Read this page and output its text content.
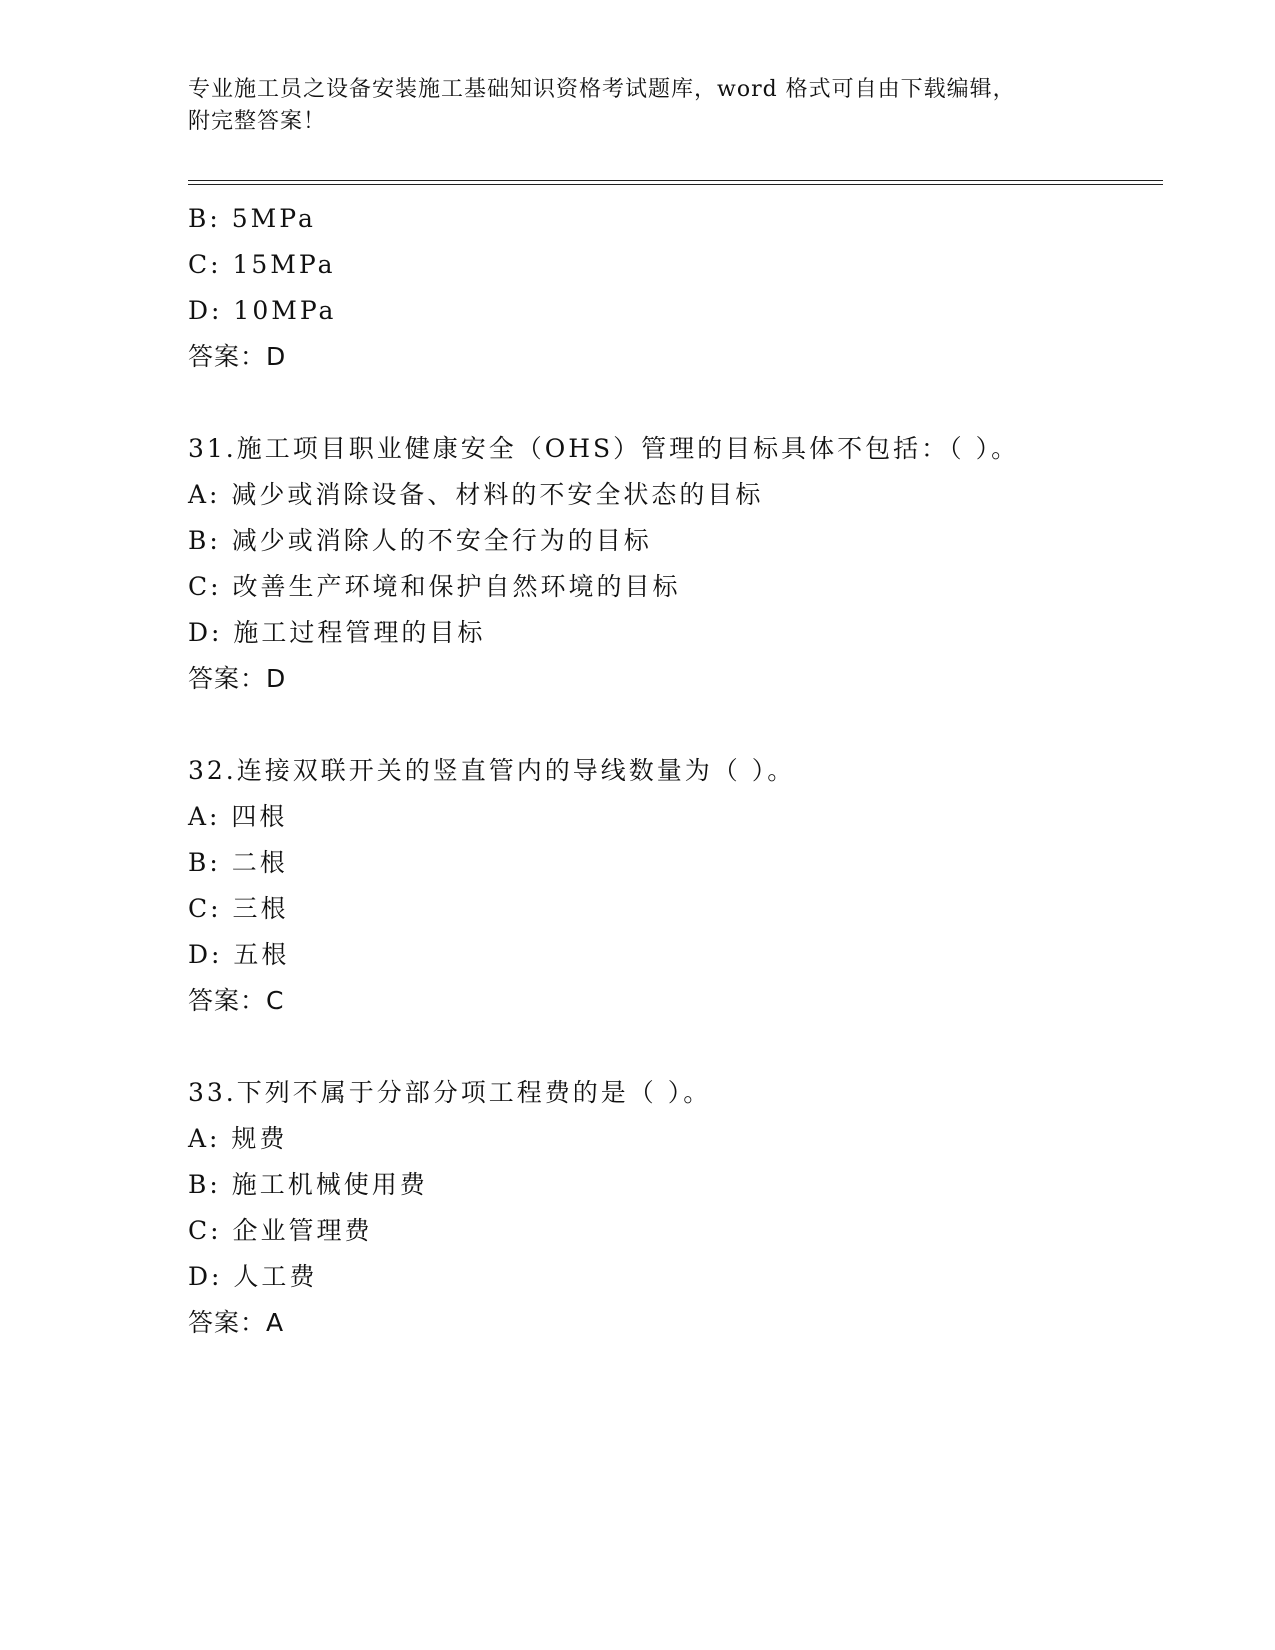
专业施工员之设备安装施工基础知识资格考试题库，word 格式可自由下载编辑，
附完整答案！
B: 5MPa
C: 15MPa
D: 10MPa
答案：D
31.施工项目职业健康安全（OHS）管理的目标具体不包括：（ ）。
A: 减少或消除设备、材料的不安全状态的目标
B: 减少或消除人的不安全行为的目标
C: 改善生产环境和保护自然环境的目标
D: 施工过程管理的目标
答案：D
32.连接双联开关的竖直管内的导线数量为（ ）。
A: 四根
B: 二根
C: 三根
D: 五根
答案：C
33.下列不属于分部分项工程费的是（ ）。
A: 规费
B: 施工机械使用费
C: 企业管理费
D: 人工费
答案：A
